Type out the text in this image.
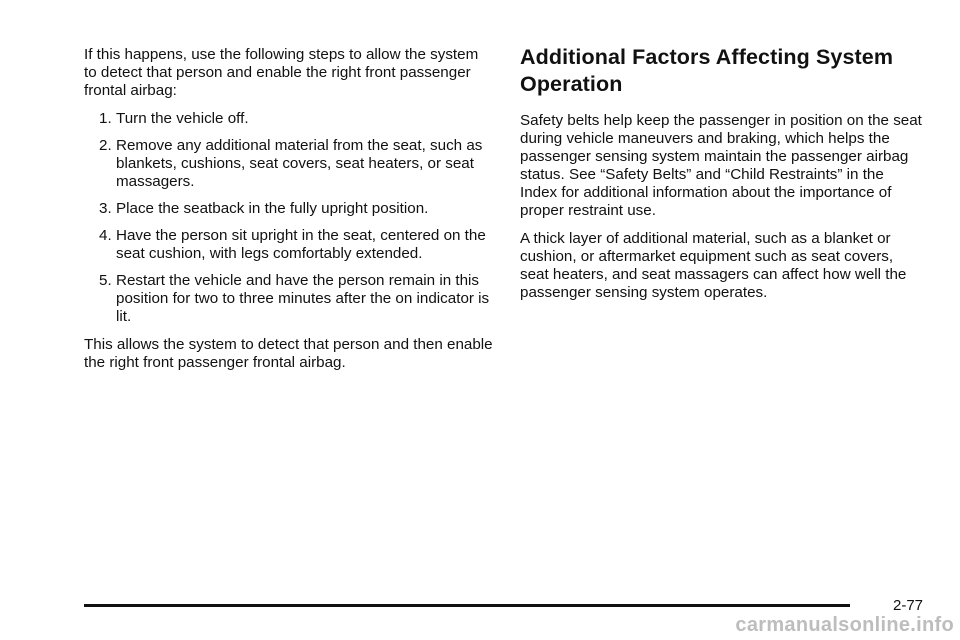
If this happens, use the following steps to allow the system to detect that person and enable the right front passenger frontal airbag:

1. Turn the vehicle off.
2. Remove any additional material from the seat, such as blankets, cushions, seat covers, seat heaters, or seat massagers.
3. Place the seatback in the fully upright position.
4. Have the person sit upright in the seat, centered on the seat cushion, with legs comfortably extended.
5. Restart the vehicle and have the person remain in this position for two to three minutes after the on indicator is lit.

This allows the system to detect that person and then enable the right front passenger frontal airbag.

Additional Factors Affecting System Operation

Safety belts help keep the passenger in position on the seat during vehicle maneuvers and braking, which helps the passenger sensing system maintain the passenger airbag status. See “Safety Belts” and “Child Restraints” in the Index for additional information about the importance of proper restraint use.

A thick layer of additional material, such as a blanket or cushion, or aftermarket equipment such as seat covers, seat heaters, and seat massagers can affect how well the passenger sensing system operates.

2-77
carmanualsonline.info
